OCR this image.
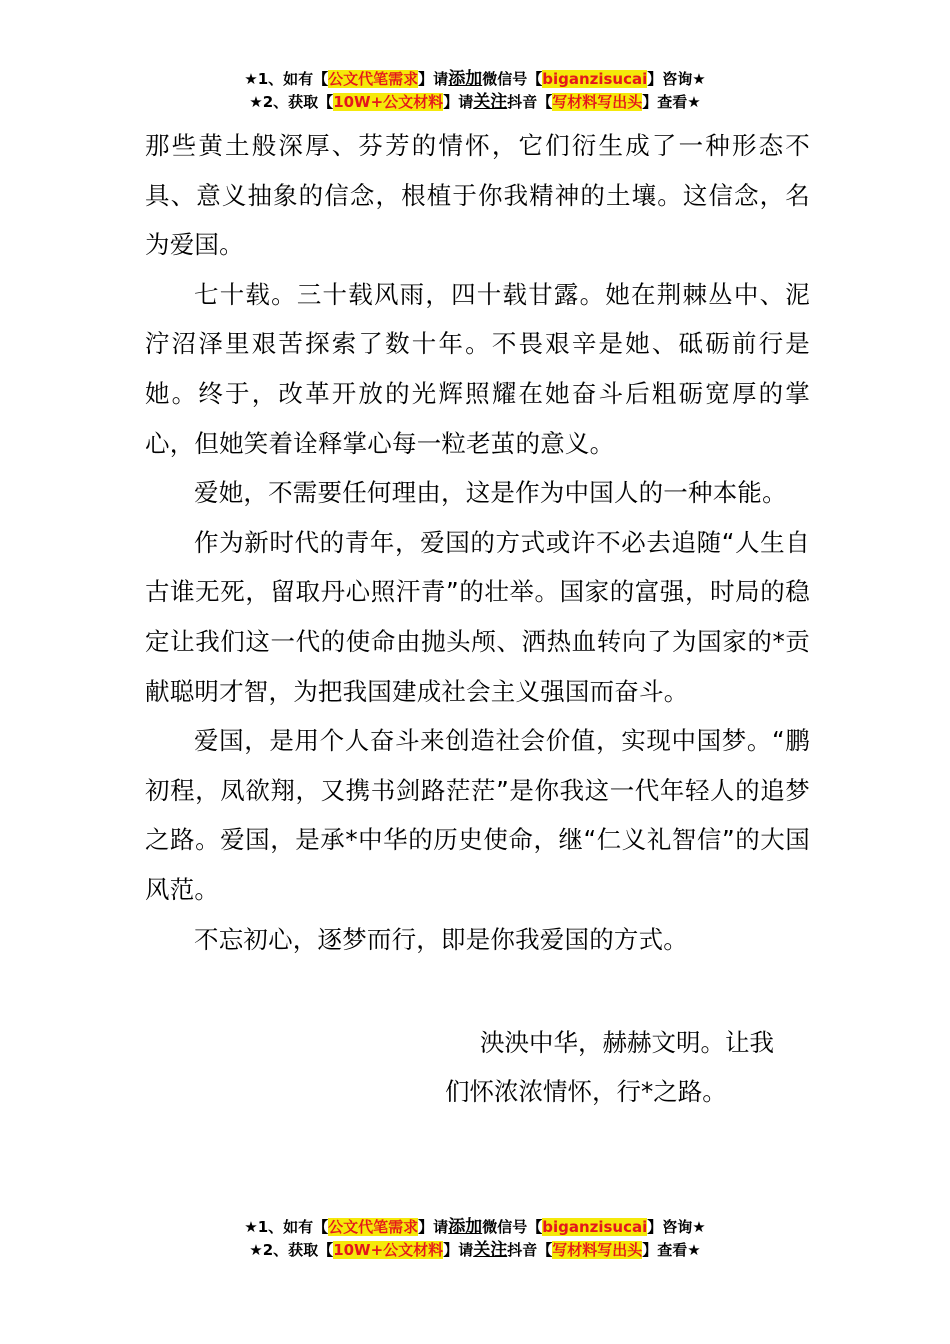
★1、如有【公文代笔需求】请添加微信号【biganzisucai】咨询★
★2、获取【10W+公文材料】请关注抖音【写材料写出头】查看★

那些黄土般深厚、芬芳的情怀，它们衍生成了一种形态不具、意义抽象的信念，根植于你我精神的土壤。这信念，名为爱国。

七十载。三十载风雨，四十载甘露。她在荆棘丛中、泥泞沼泽里艰苦探索了数十年。不畏艰辛是她、砥砺前行是她。终于，改革开放的光辉照耀在她奋斗后粗砺宽厚的掌心，但她笑着诠释掌心每一粒老茧的意义。

爱她，不需要任何理由，这是作为中国人的一种本能。

作为新时代的青年，爱国的方式或许不必去追随“人生自古谁无死，留取丹心照汗青”的壮举。国家的富强，时局的稳定让我们这一代的使命由抛头颅、洒热血转向了为国家的*贡献聪明才智，为把我国建成社会主义强国而奋斗。

爱国，是用个人奋斗来创造社会价值，实现中国梦。“鹏初程，凤欲翔，又携书剑路茫茫”是你我这一代年轻人的追梦之路。爱国，是承*中华的历史使命，继“仁义礼智信”的大国风范。

不忘初心，逐梦而行，即是你我爱国的方式。

泱泱中华，赫赫文明。让我
们怀浓浓情怀，行*之路。
★1、如有【公文代笔需求】请添加微信号【biganzisucai】咨询★
★2、获取【10W+公文材料】请关注抖音【写材料写出头】查看★
